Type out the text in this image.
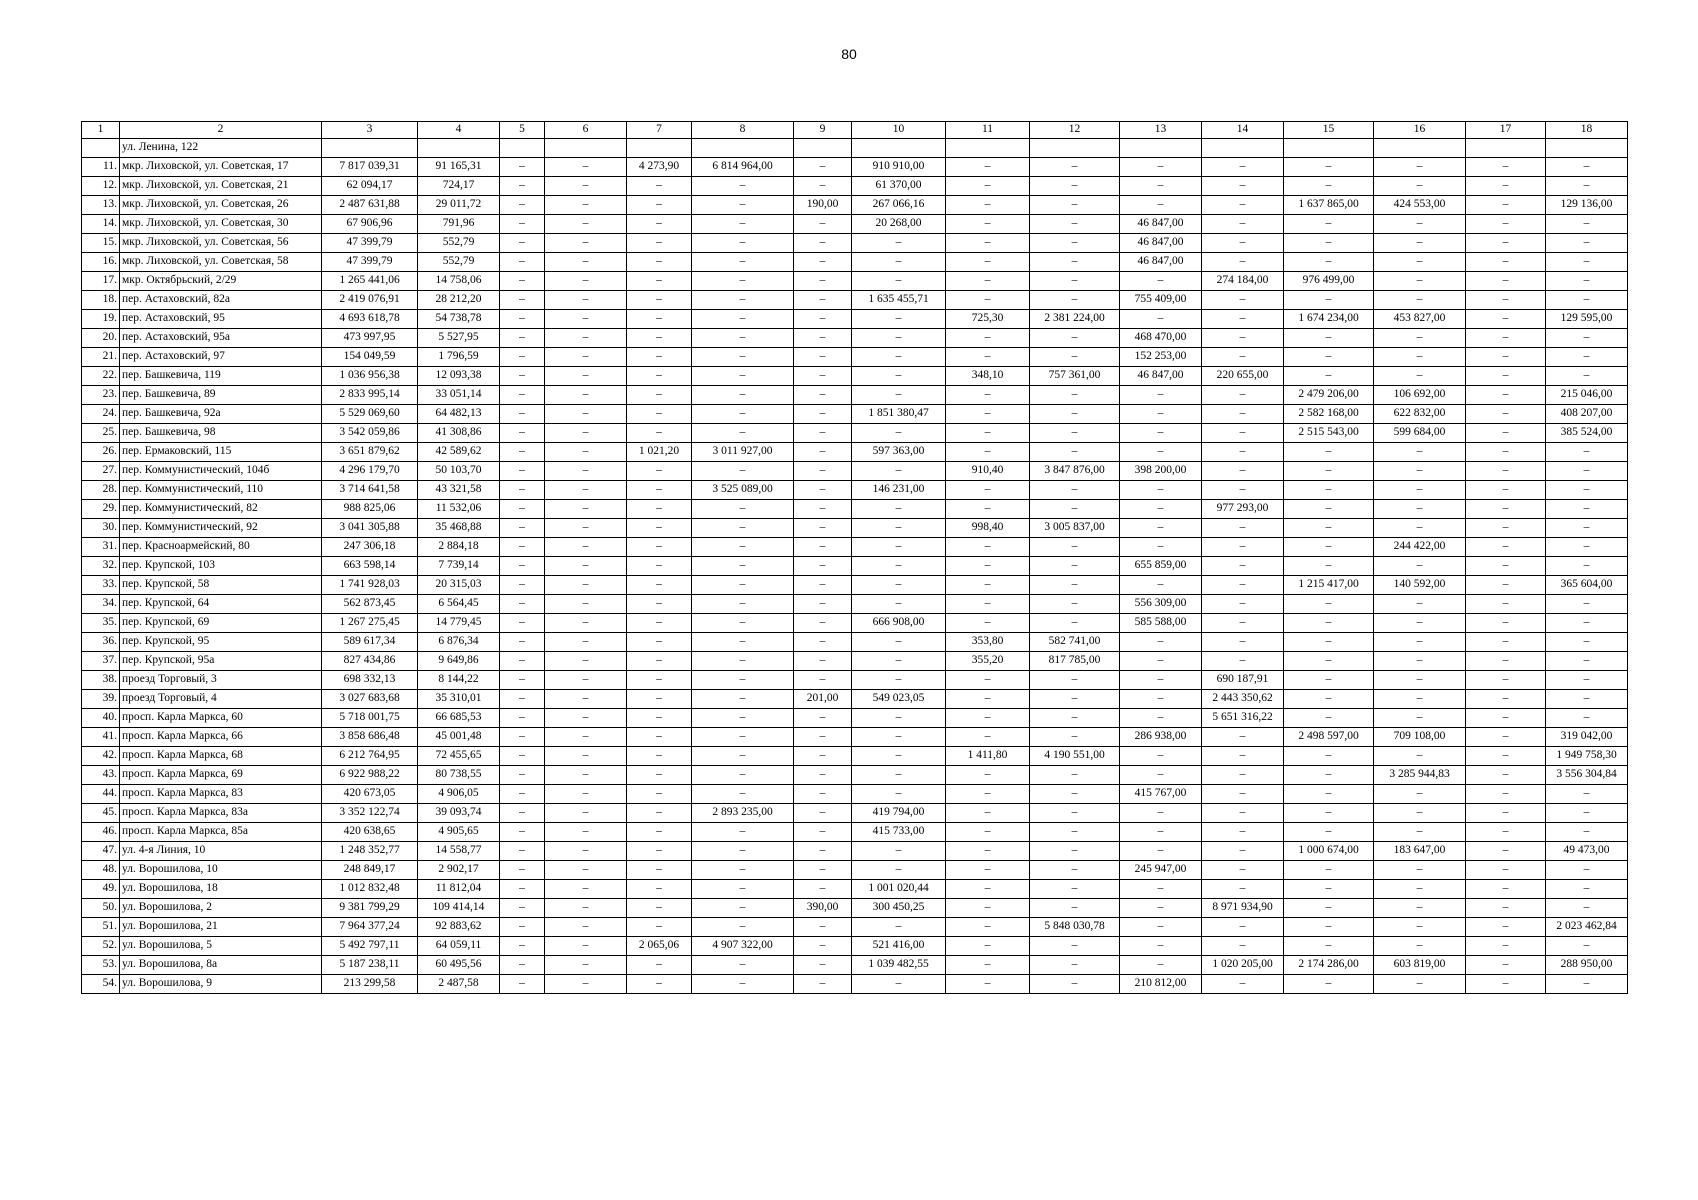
80
1	2	3	4	5	6	7	8	9	10	11	12	13	14	15	16	17	18
	ул. Ленина, 122																
11.	мкр. Лиховской, ул. Советская, 17	7 817 039,31	91 165,31	–	–	4 273,90	6 814 964,00	–	910 910,00	–	–	–	–	–	–	–	–
12.	мкр. Лиховской, ул. Советская, 21	62 094,17	724,17	–	–	–	–	–	61 370,00	–	–	–	–	–	–	–	–
13.	мкр. Лиховской, ул. Советская, 26	2 487 631,88	29 011,72	–	–	–	–	190,00	267 066,16	–	–	–	–	1 637 865,00	424 553,00	–	129 136,00
14.	мкр. Лиховской, ул. Советская, 30	67 906,96	791,96	–	–	–	–	–	20 268,00	–	–	46 847,00	–	–	–	–	–
15.	мкр. Лиховской, ул. Советская, 56	47 399,79	552,79	–	–	–	–	–	–	–	–	46 847,00	–	–	–	–	–
16.	мкр. Лиховской, ул. Советская, 58	47 399,79	552,79	–	–	–	–	–	–	–	–	46 847,00	–	–	–	–	–
17.	мкр. Октябрьский, 2/29	1 265 441,06	14 758,06	–	–	–	–	–	–	–	–	–	274 184,00	976 499,00	–	–	–
18.	пер. Астаховский, 82а	2 419 076,91	28 212,20	–	–	–	–	–	1 635 455,71	–	–	755 409,00	–	–	–	–	–
19.	пер. Астаховский, 95	4 693 618,78	54 738,78	–	–	–	–	–	–	725,30	2 381 224,00	–	–	1 674 234,00	453 827,00	–	129 595,00
20.	пер. Астаховский, 95а	473 997,95	5 527,95	–	–	–	–	–	–	–	–	468 470,00	–	–	–	–	–
21.	пер. Астаховский, 97	154 049,59	1 796,59	–	–	–	–	–	–	–	–	152 253,00	–	–	–	–	–
22.	пер. Башкевича, 119	1 036 956,38	12 093,38	–	–	–	–	–	–	348,10	757 361,00	46 847,00	220 655,00	–	–	–	–
23.	пер. Башкевича, 89	2 833 995,14	33 051,14	–	–	–	–	–	–	–	–	–	–	2 479 206,00	106 692,00	–	215 046,00
24.	пер. Башкевича, 92а	5 529 069,60	64 482,13	–	–	–	–	–	1 851 380,47	–	–	–	–	2 582 168,00	622 832,00	–	408 207,00
25.	пер. Башкевича, 98	3 542 059,86	41 308,86	–	–	–	–	–	–	–	–	–	–	2 515 543,00	599 684,00	–	385 524,00
26.	пер. Ермаковский, 115	3 651 879,62	42 589,62	–	–	1 021,20	3 011 927,00	–	597 363,00	–	–	–	–	–	–	–	–
27.	пер. Коммунистический, 104б	4 296 179,70	50 103,70	–	–	–	–	–	–	910,40	3 847 876,00	398 200,00	–	–	–	–	–
28.	пер. Коммунистический, 110	3 714 641,58	43 321,58	–	–	–	3 525 089,00	–	146 231,00	–	–	–	–	–	–	–	–
29.	пер. Коммунистический, 82	988 825,06	11 532,06	–	–	–	–	–	–	–	–	–	977 293,00	–	–	–	–
30.	пер. Коммунистический, 92	3 041 305,88	35 468,88	–	–	–	–	–	–	998,40	3 005 837,00	–	–	–	–	–	–
31.	пер. Красноармейский, 80	247 306,18	2 884,18	–	–	–	–	–	–	–	–	–	–	–	244 422,00	–	–
32.	пер. Крупской, 103	663 598,14	7 739,14	–	–	–	–	–	–	–	–	655 859,00	–	–	–	–	–
33.	пер. Крупской, 58	1 741 928,03	20 315,03	–	–	–	–	–	–	–	–	–	–	1 215 417,00	140 592,00	–	365 604,00
34.	пер. Крупской, 64	562 873,45	6 564,45	–	–	–	–	–	–	–	–	556 309,00	–	–	–	–	–
35.	пер. Крупской, 69	1 267 275,45	14 779,45	–	–	–	–	–	666 908,00	–	–	585 588,00	–	–	–	–	–
36.	пер. Крупской, 95	589 617,34	6 876,34	–	–	–	–	–	–	353,80	582 741,00	–	–	–	–	–	–
37.	пер. Крупской, 95а	827 434,86	9 649,86	–	–	–	–	–	–	355,20	817 785,00	–	–	–	–	–	–
38.	проезд Торговый, 3	698 332,13	8 144,22	–	–	–	–	–	–	–	–	–	690 187,91	–	–	–	–
39.	проезд Торговый, 4	3 027 683,68	35 310,01	–	–	–	–	201,00	549 023,05	–	–	–	2 443 350,62	–	–	–	–
40.	просп. Карла Маркса, 60	5 718 001,75	66 685,53	–	–	–	–	–	–	–	–	–	5 651 316,22	–	–	–	–
41.	просп. Карла Маркса, 66	3 858 686,48	45 001,48	–	–	–	–	–	–	–	–	286 938,00	–	2 498 597,00	709 108,00	–	319 042,00
42.	просп. Карла Маркса, 68	6 212 764,95	72 455,65	–	–	–	–	–	–	1 411,80	4 190 551,00	–	–	–	–	–	1 949 758,30
43.	просп. Карла Маркса, 69	6 922 988,22	80 738,55	–	–	–	–	–	–	–	–	–	–	–	3 285 944,83	–	3 556 304,84
44.	просп. Карла Маркса, 83	420 673,05	4 906,05	–	–	–	–	–	–	–	–	415 767,00	–	–	–	–	–
45.	просп. Карла Маркса, 83а	3 352 122,74	39 093,74	–	–	–	2 893 235,00	–	419 794,00	–	–	–	–	–	–	–	–
46.	просп. Карла Маркса, 85а	420 638,65	4 905,65	–	–	–	–	–	415 733,00	–	–	–	–	–	–	–	–
47.	ул. 4-я Линия, 10	1 248 352,77	14 558,77	–	–	–	–	–	–	–	–	–	–	1 000 674,00	183 647,00	–	49 473,00
48.	ул. Ворошилова, 10	248 849,17	2 902,17	–	–	–	–	–	–	–	–	245 947,00	–	–	–	–	–
49.	ул. Ворошилова, 18	1 012 832,48	11 812,04	–	–	–	–	–	1 001 020,44	–	–	–	–	–	–	–	–
50.	ул. Ворошилова, 2	9 381 799,29	109 414,14	–	–	–	–	390,00	300 450,25	–	–	–	8 971 934,90	–	–	–	–
51.	ул. Ворошилова, 21	7 964 377,24	92 883,62	–	–	–	–	–	–	–	5 848 030,78	–	–	–	–	–	2 023 462,84
52.	ул. Ворошилова, 5	5 492 797,11	64 059,11	–	–	2 065,06	4 907 322,00	–	521 416,00	–	–	–	–	–	–	–	–
53.	ул. Ворошилова, 8а	5 187 238,11	60 495,56	–	–	–	–	–	1 039 482,55	–	–	–	1 020 205,00	2 174 286,00	603 819,00	–	288 950,00
54.	ул. Ворошилова, 9	213 299,58	2 487,58	–	–	–	–	–	–	–	–	210 812,00	–	–	–	–	–
